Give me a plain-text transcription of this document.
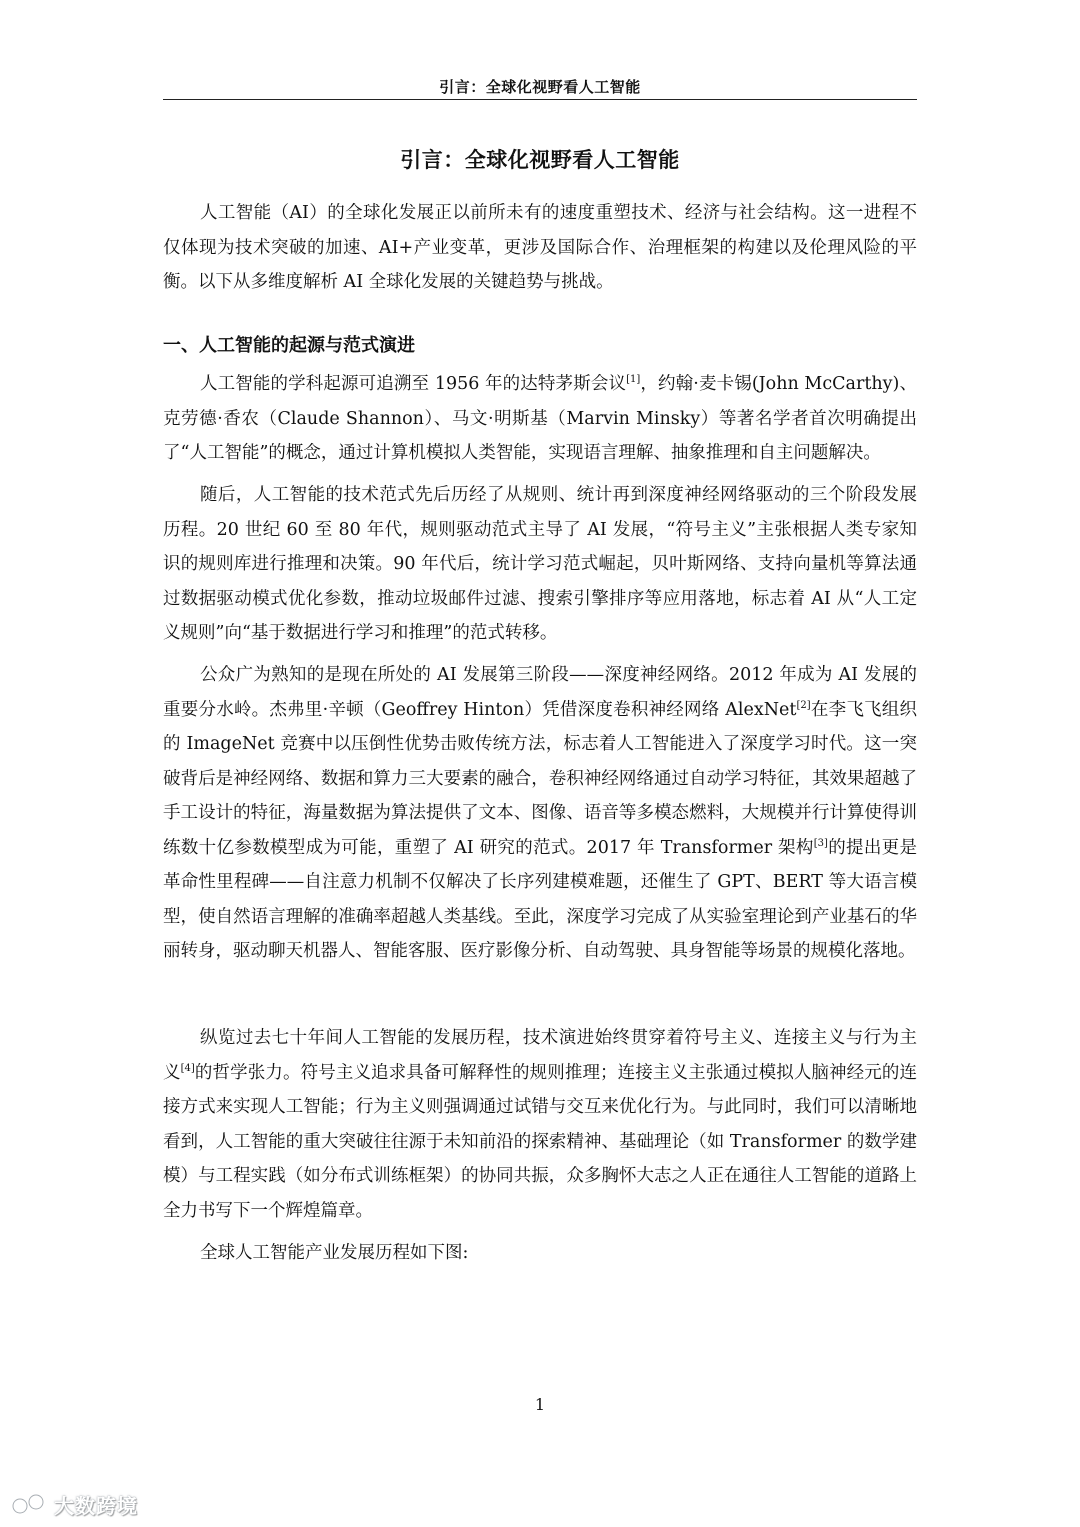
引言：全球化视野看人工智能
引言：全球化视野看人工智能

人工智能（AI）的全球化发展正以前所未有的速度重塑技术、经济与社会结构。这一进程不仅体现为技术突破的加速、AI+产业变革，更涉及国际合作、治理框架的构建以及伦理风险的平衡。以下从多维度解析 AI 全球化发展的关键趋势与挑战。

一、人工智能的起源与范式演进

人工智能的学科起源可追溯至 1956 年的达特茅斯会议[1]，约翰·麦卡锡(John McCarthy)、克劳德·香农（Claude Shannon）、马文·明斯基（Marvin Minsky）等著名学者首次明确提出了“人工智能”的概念，通过计算机模拟人类智能，实现语言理解、抽象推理和自主问题解决。

随后，人工智能的技术范式先后历经了从规则、统计再到深度神经网络驱动的三个阶段发展历程。20 世纪 60 至 80 年代，规则驱动范式主导了 AI 发展，“符号主义”主张根据人类专家知识的规则库进行推理和决策。90 年代后，统计学习范式崛起，贝叶斯网络、支持向量机等算法通过数据驱动模式优化参数，推动垃圾邮件过滤、搜索引擎排序等应用落地，标志着 AI 从“人工定义规则”向“基于数据进行学习和推理”的范式转移。

公众广为熟知的是现在所处的 AI 发展第三阶段——深度神经网络。2012 年成为 AI 发展的重要分水岭。杰弗里·辛顿（Geoffrey Hinton）凭借深度卷积神经网络 AlexNet[2]在李飞飞组织的 ImageNet 竞赛中以压倒性优势击败传统方法，标志着人工智能进入了深度学习时代。这一突破背后是神经网络、数据和算力三大要素的融合，卷积神经网络通过自动学习特征，其效果超越了手工设计的特征，海量数据为算法提供了文本、图像、语音等多模态燃料，大规模并行计算使得训练数十亿参数模型成为可能，重塑了 AI 研究的范式。2017 年 Transformer 架构[3]的提出更是革命性里程碑——自注意力机制不仅解决了长序列建模难题，还催生了 GPT、BERT 等大语言模型，使自然语言理解的准确率超越人类基线。至此，深度学习完成了从实验室理论到产业基石的华丽转身，驱动聊天机器人、智能客服、医疗影像分析、自动驾驶、具身智能等场景的规模化落地。

纵览过去七十年间人工智能的发展历程，技术演进始终贯穿着符号主义、连接主义与行为主义[4]的哲学张力。符号主义追求具备可解释性的规则推理；连接主义主张通过模拟人脑神经元的连接方式来实现人工智能；行为主义则强调通过试错与交互来优化行为。与此同时，我们可以清晰地看到，人工智能的重大突破往往源于未知前沿的探索精神、基础理论（如 Transformer 的数学建模）与工程实践（如分布式训练框架）的协同共振，众多胸怀大志之人正在通往人工智能的道路上全力书写下一个辉煌篇章。

全球人工智能产业发展历程如下图:

1
大数跨境
